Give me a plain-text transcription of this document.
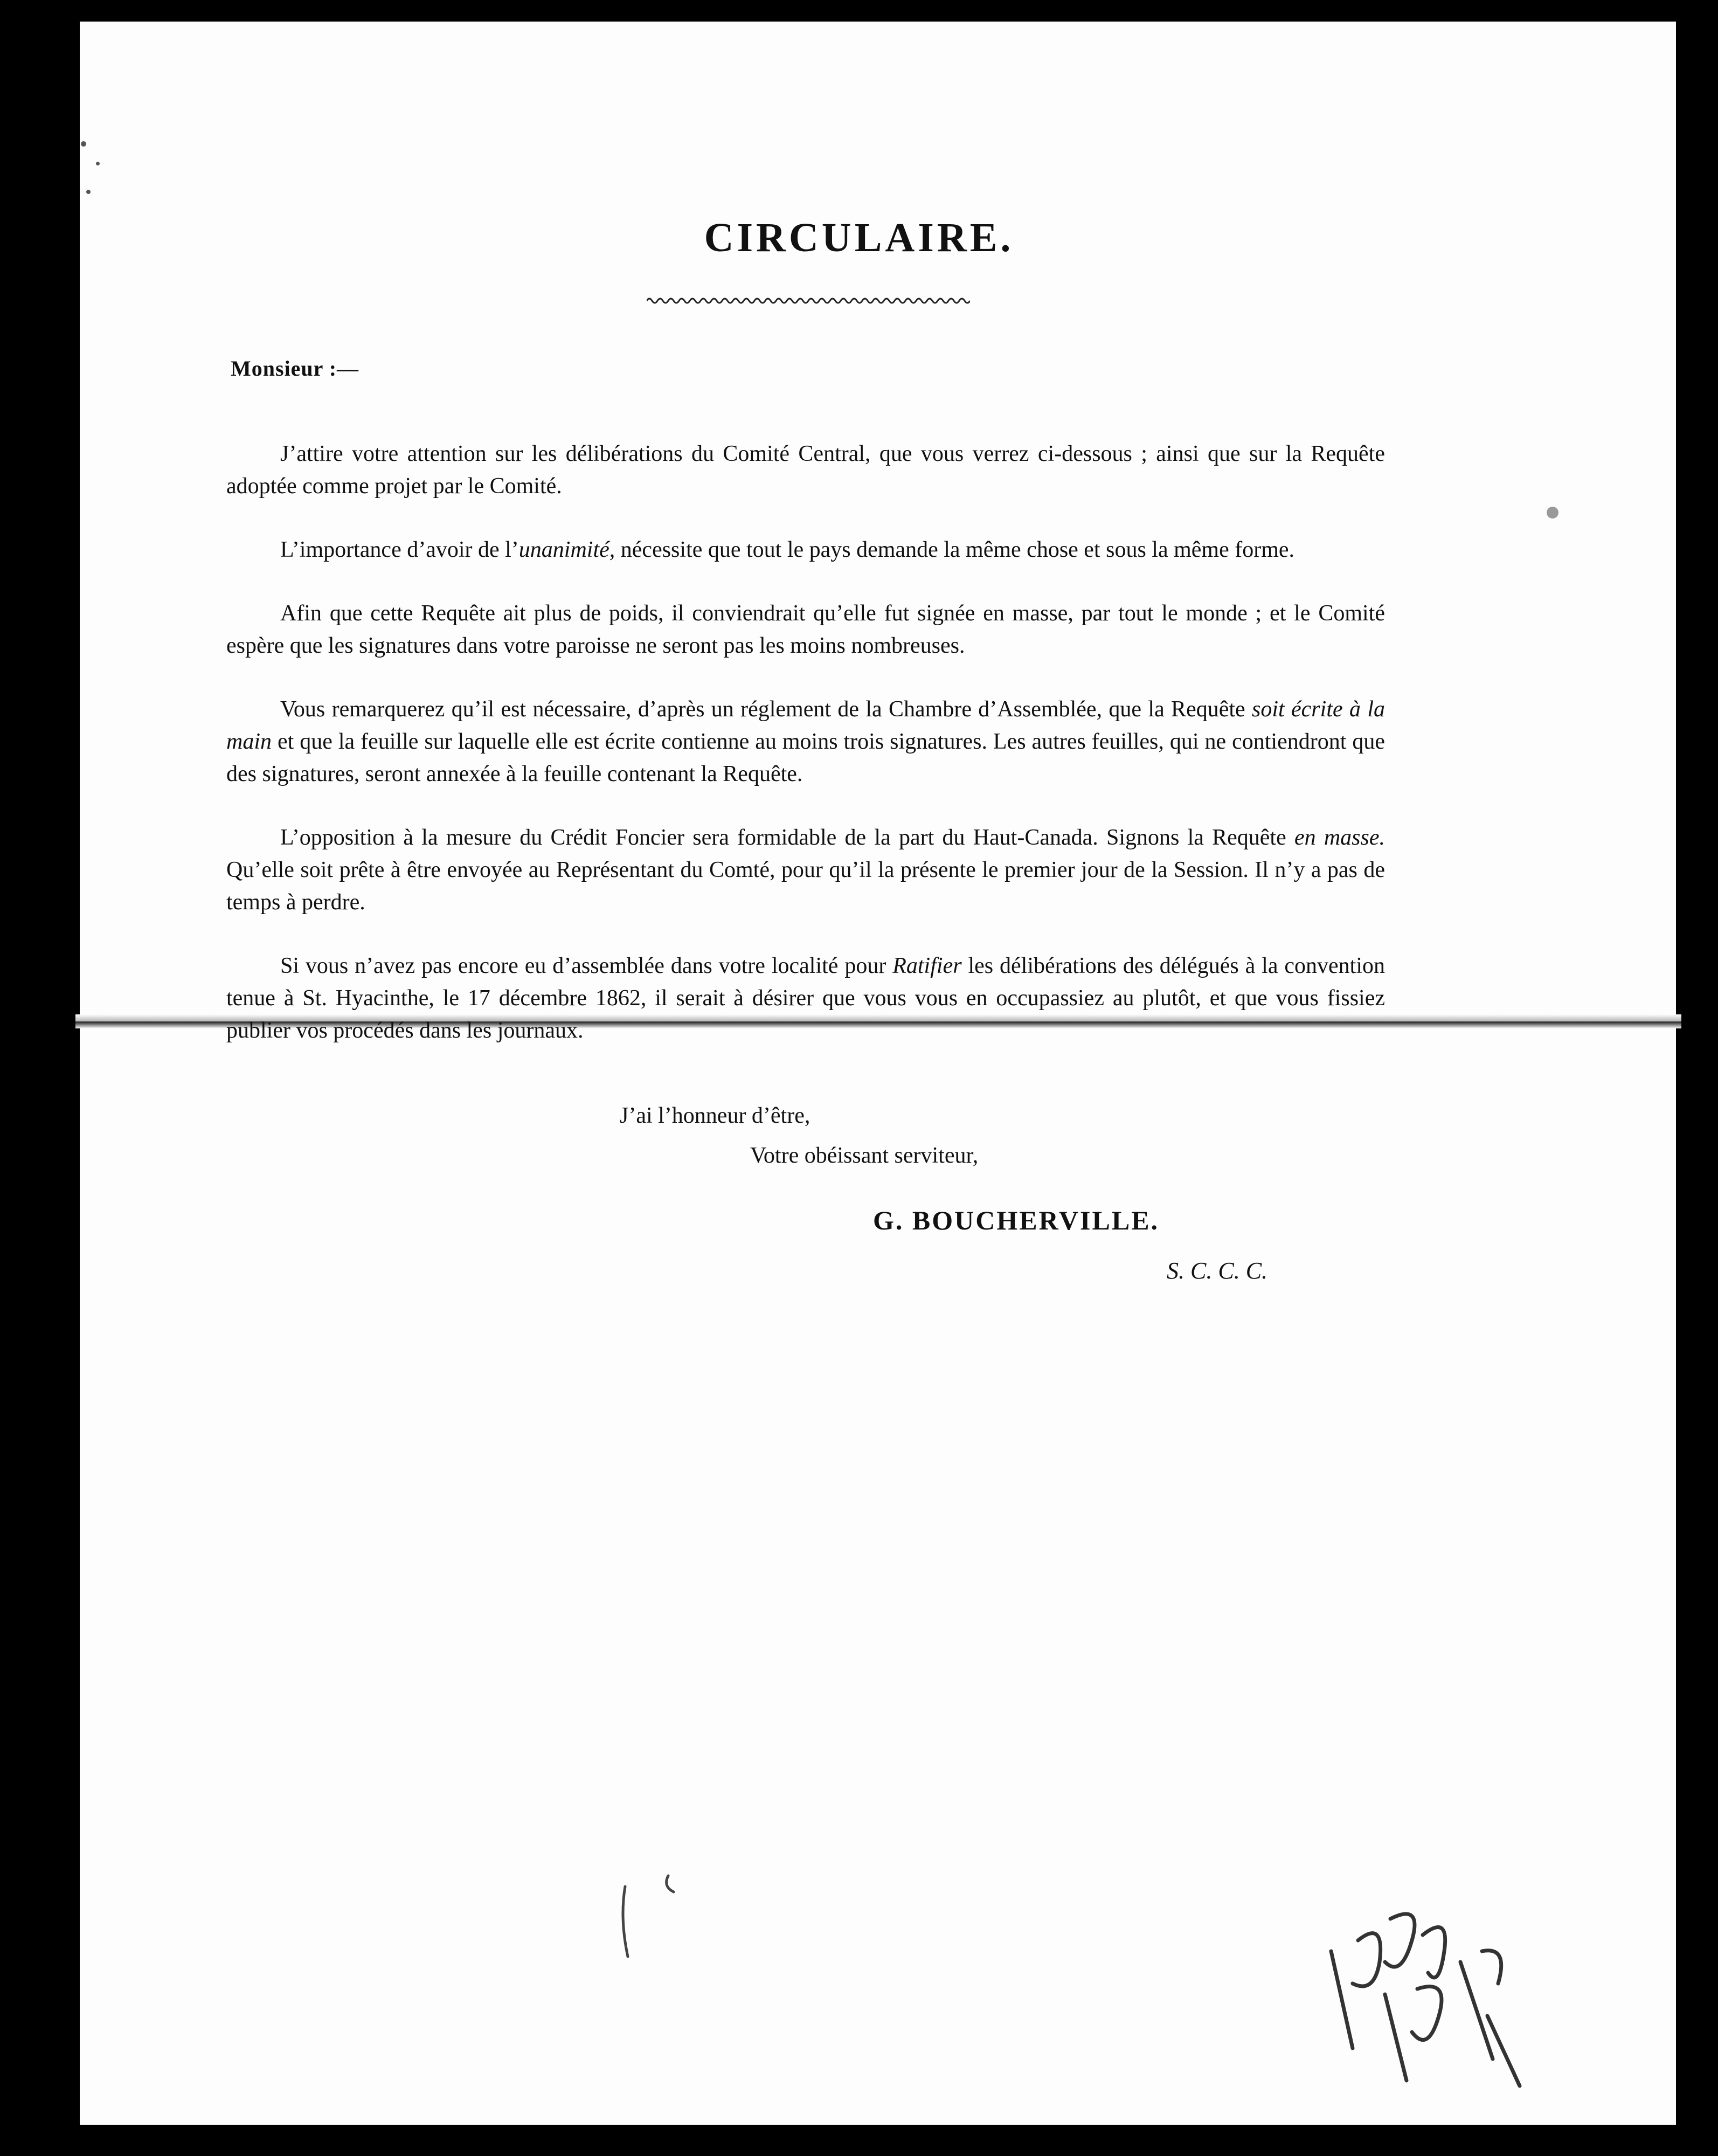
CIRCULAIRE.
Monsieur :—

J’attire votre attention sur les délibérations du Comité Central, que vous verrez ci-dessous ; ainsi que sur la Requête adoptée comme projet par le Comité.

L’importance d’avoir de l’unanimité, nécessite que tout le pays demande la même chose et sous la même forme.

Afin que cette Requête ait plus de poids, il conviendrait qu’elle fut signée en masse, par tout le monde ; et le Comité espère que les signatures dans votre paroisse ne seront pas les moins nombreuses.

Vous remarquerez qu’il est nécessaire, d’après un réglement de la Chambre d’Assemblée, que la Requête soit écrite à la main et que la feuille sur laquelle elle est écrite contienne au moins trois signatures. Les autres feuilles, qui ne contiendront que des signatures, seront annexée à la feuille contenant la Requête.

L’opposition à la mesure du Crédit Foncier sera formidable de la part du Haut-Canada. Signons la Requête en masse. Qu’elle soit prête à être envoyée au Représentant du Comté, pour qu’il la présente le premier jour de la Session. Il n’y a pas de temps à perdre.

Si vous n’avez pas encore eu d’assemblée dans votre localité pour Ratifier les délibérations des délégués à la convention tenue à St. Hyacinthe, le 17 décembre 1862, il serait à désirer que vous vous en occupassiez au plutôt, et que vous fissiez publier vos procédés dans les journaux.

J’ai l’honneur d’être,
Votre obéissant serviteur,
G. BOUCHERVILLE.
S. C. C. C.
